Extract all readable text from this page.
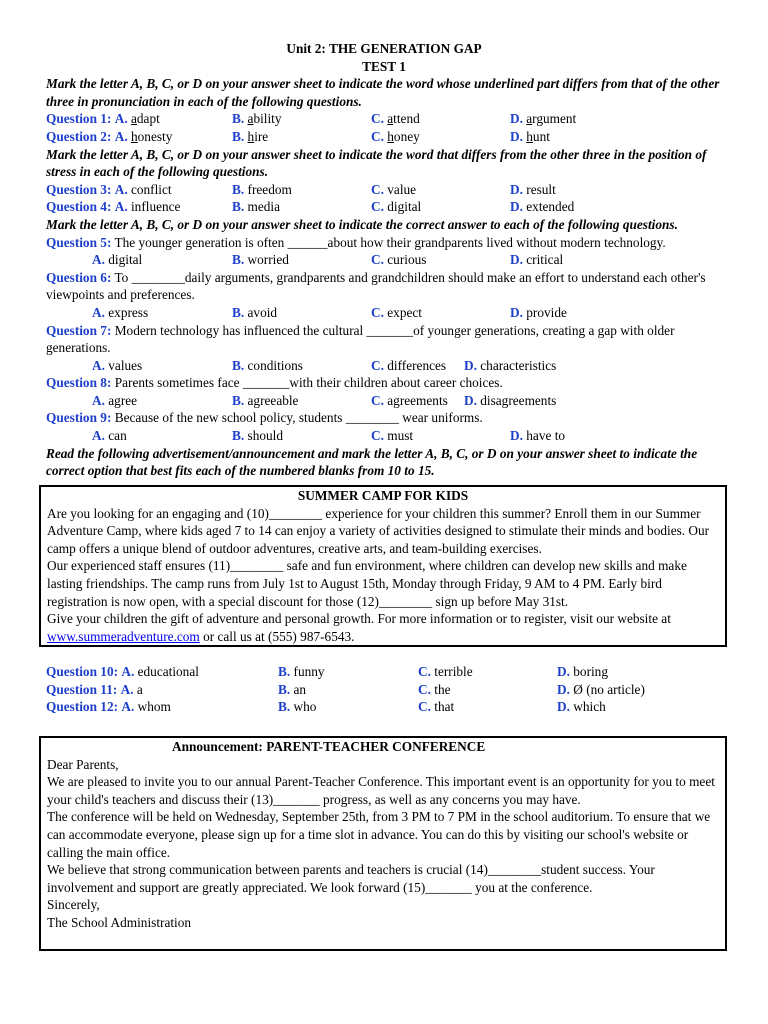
Unit 2: THE GENERATION GAP
TEST 1
Mark the letter A, B, C, or D on your answer sheet to indicate the word whose underlined part differs from that of the other three in pronunciation in each of the following questions.
Question 1: A. adapt	B. ability	C. attend	D. argument
Question 2: A. honesty	B. hire	C. honey	D. hunt
Mark the letter A, B, C, or D on your answer sheet to indicate the word that differs from the other three in the position of stress in each of the following questions.
Question 3: A. conflict	B. freedom	C. value	D. result
Question 4: A. influence	B. media	C. digital	D. extended
Mark the letter A, B, C, or D on your answer sheet to indicate the correct answer to each of the following questions.
Question 5: The younger generation is often ______about how their grandparents lived without modern technology.
A. digital	B. worried	C. curious	D. critical
Question 6: To ________daily arguments, grandparents and grandchildren should make an effort to understand each other's viewpoints and preferences.
A. express	B. avoid	C. expect	D. provide
Question 7: Modern technology has influenced the cultural _______of younger generations, creating a gap with older generations.
A. values	B. conditions	C. differences D. characteristics
Question 8: Parents sometimes face _______with their children about career choices.
A. agree	B. agreeable	C. agreements D. disagreements
Question 9: Because of the new school policy, students ________ wear uniforms.
A. can	B. should	C. must	D. have to
Read the following advertisement/announcement and mark the letter A, B, C, or D on your answer sheet to indicate the correct option that best fits each of the numbered blanks from 10 to 15.
SUMMER CAMP FOR KIDS

Are you looking for an engaging and (10)________ experience for your children this summer? Enroll them in our Summer Adventure Camp, where kids aged 7 to 14 can enjoy a variety of activities designed to stimulate their minds and bodies. Our camp offers a unique blend of outdoor adventures, creative arts, and team-building exercises.

Our experienced staff ensures (11)________ safe and fun environment, where children can develop new skills and make lasting friendships. The camp runs from July 1st to August 15th, Monday through Friday, 9 AM to 4 PM. Early bird registration is now open, with a special discount for those (12)________ sign up before May 31st.

Give your children the gift of adventure and personal growth. For more information or to register, visit our website at
www.summeradventure.com or call us at (555) 987-6543.

Question 10: A. educational	B. funny	C. terrible	D. boring
Question 11: A. a	B. an	C. the	D. Ø (no article)
Question 12: A. whom	B. who	C. that	D. which
Announcement: PARENT-TEACHER CONFERENCE

Dear Parents,

We are pleased to invite you to our annual Parent-Teacher Conference. This important event is an opportunity for you to meet your child's teachers and discuss their (13)_______ progress, as well as any concerns you may have.

The conference will be held on Wednesday, September 25th, from 3 PM to 7 PM in the school auditorium. To ensure that we can accommodate everyone, please sign up for a time slot in advance. You can do this by visiting our school's website or calling the main office.

We believe that strong communication between parents and teachers is crucial (14)________student success. Your involvement and support are greatly appreciated. We look forward (15)_______ you at the conference.

Sincerely,

The School Administration
